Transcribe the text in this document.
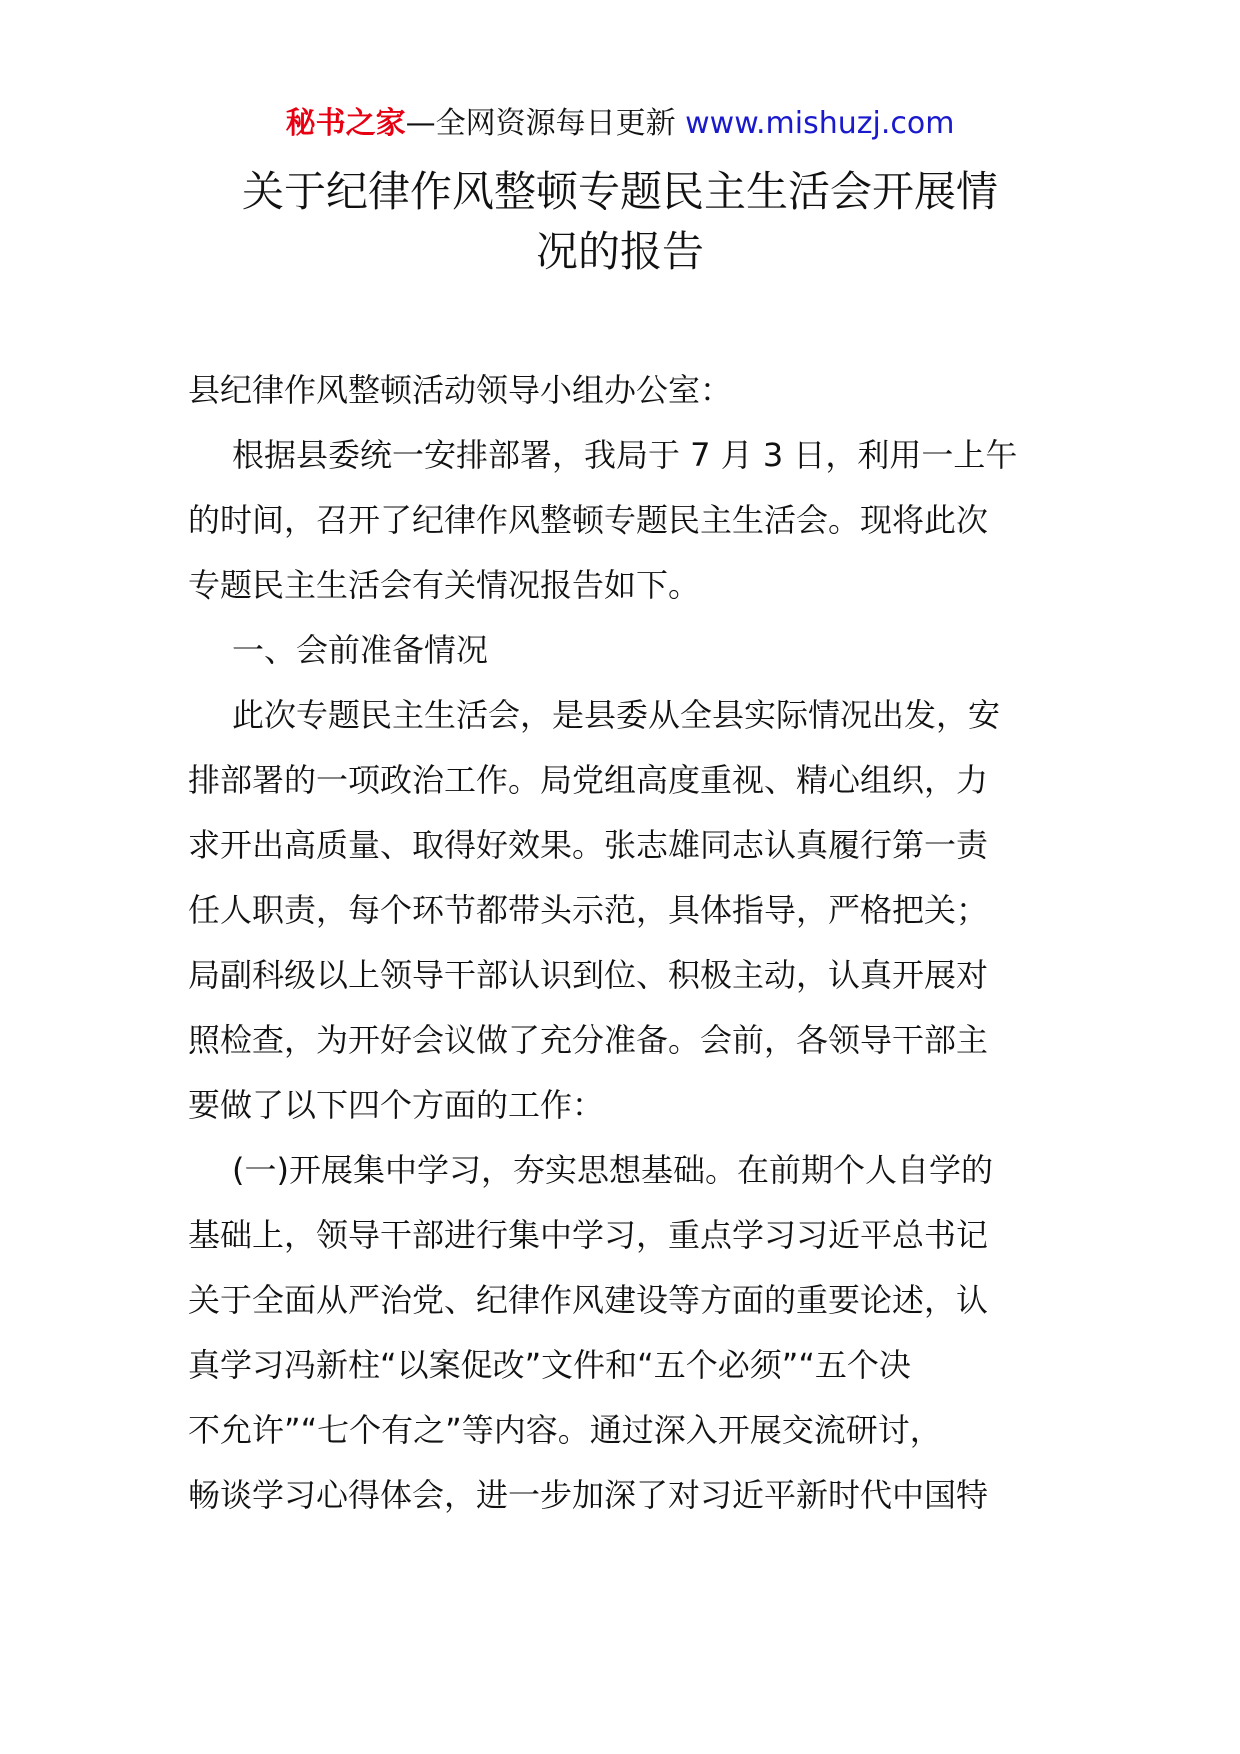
秘书之家—全网资源每日更新 www.mishuzj.com
关于纪律作风整顿专题民主生活会开展情
况的报告
县纪律作风整顿活动领导小组办公室：
根据县委统一安排部署，我局于 7 月 3 日，利用一上午
的时间，召开了纪律作风整顿专题民主生活会。现将此次
专题民主生活会有关情况报告如下。
一、会前准备情况
此次专题民主生活会，是县委从全县实际情况出发，安
排部署的一项政治工作。局党组高度重视、精心组织，力
求开出高质量、取得好效果。张志雄同志认真履行第一责
任人职责，每个环节都带头示范，具体指导，严格把关；
局副科级以上领导干部认识到位、积极主动，认真开展对
照检查，为开好会议做了充分准备。会前，各领导干部主
要做了以下四个方面的工作：
(一)开展集中学习，夯实思想基础。在前期个人自学的
基础上，领导干部进行集中学习，重点学习习近平总书记
关于全面从严治党、纪律作风建设等方面的重要论述，认
真学习冯新柱“以案促改”文件和“五个必须”“五个决
不允许”“七个有之”等内容。通过深入开展交流研讨，
畅谈学习心得体会，进一步加深了对习近平新时代中国特
